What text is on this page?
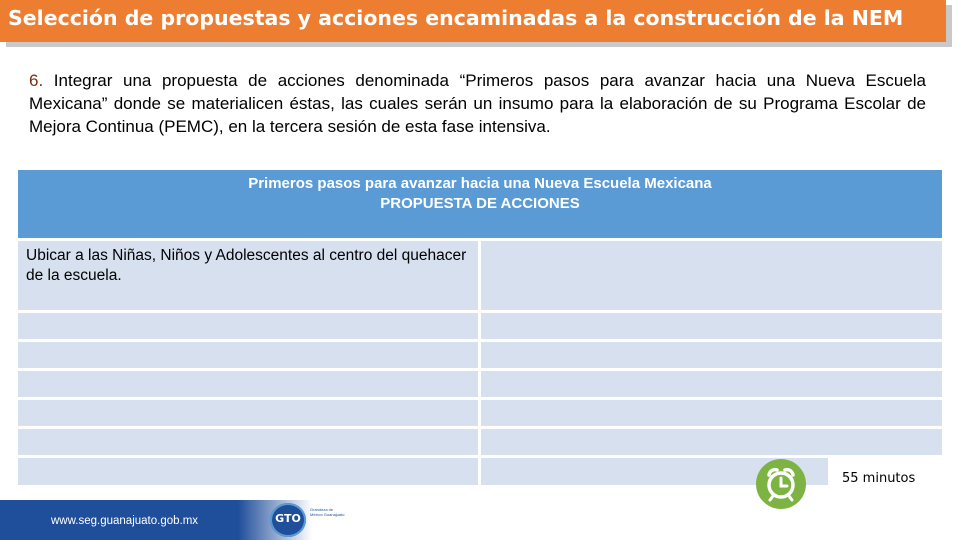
Selección de propuestas y acciones encaminadas a la construcción de la NEM
6. Integrar una propuesta de acciones denominada “Primeros pasos para avanzar hacia una Nueva Escuela Mexicana” donde se materialicen éstas, las cuales serán un insumo para la elaboración de su Programa Escolar de Mejora Continua (PEMC), en la tercera sesión de esta fase intensiva.
Primeros pasos para avanzar hacia una Nueva Escuela Mexicana
PROPUESTA DE ACCIONES
Ubicar a las Niñas, Niños y Adolescentes al centro del quehacer de la escuela.
55 minutos
www.seg.guanajuato.gob.mx	GTO
Grandeza de México Guanajuato
